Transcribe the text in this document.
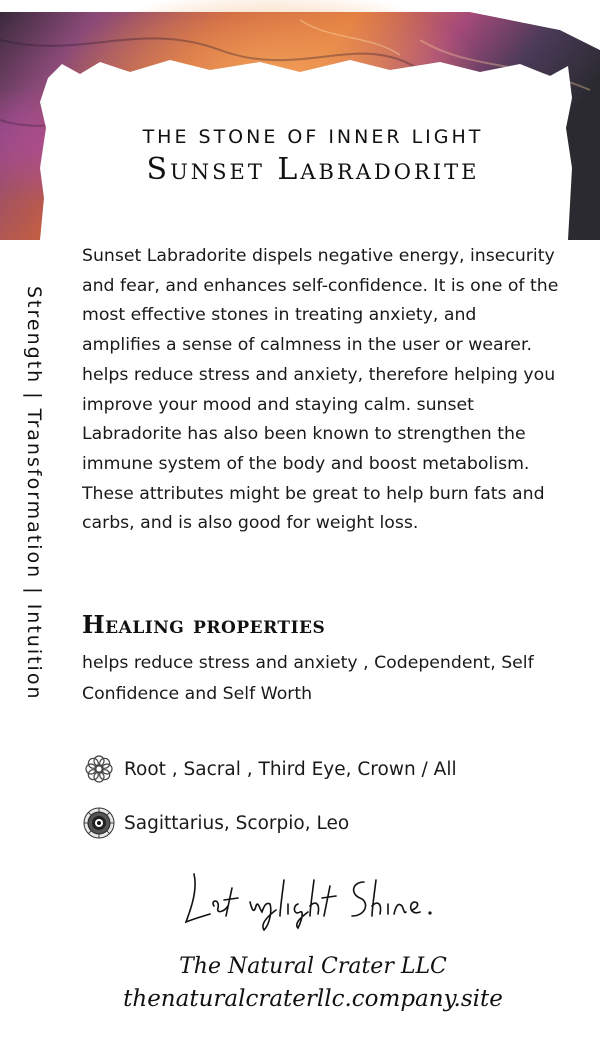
THE STONE OF INNER LIGHT
Sunset Labradorite
Strength | Transformation | Intuition
Sunset Labradorite dispels negative energy, insecurity and fear, and enhances self-confidence. It is one of the most effective stones in treating anxiety, and amplifies a sense of calmness in the user or wearer. helps reduce stress and anxiety, therefore helping you improve your mood and staying calm. sunset Labradorite has also been known to strengthen the immune system of the body and boost metabolism. These attributes might be great to help burn fats and carbs, and is also good for weight loss.
Healing properties
helps reduce stress and anxiety , Codependent, Self Confidence and Self Worth
Root , Sacral , Third Eye, Crown / All
Sagittarius, Scorpio, Leo
The Natural Crater LLC
thenaturalcraterllc.company.site
